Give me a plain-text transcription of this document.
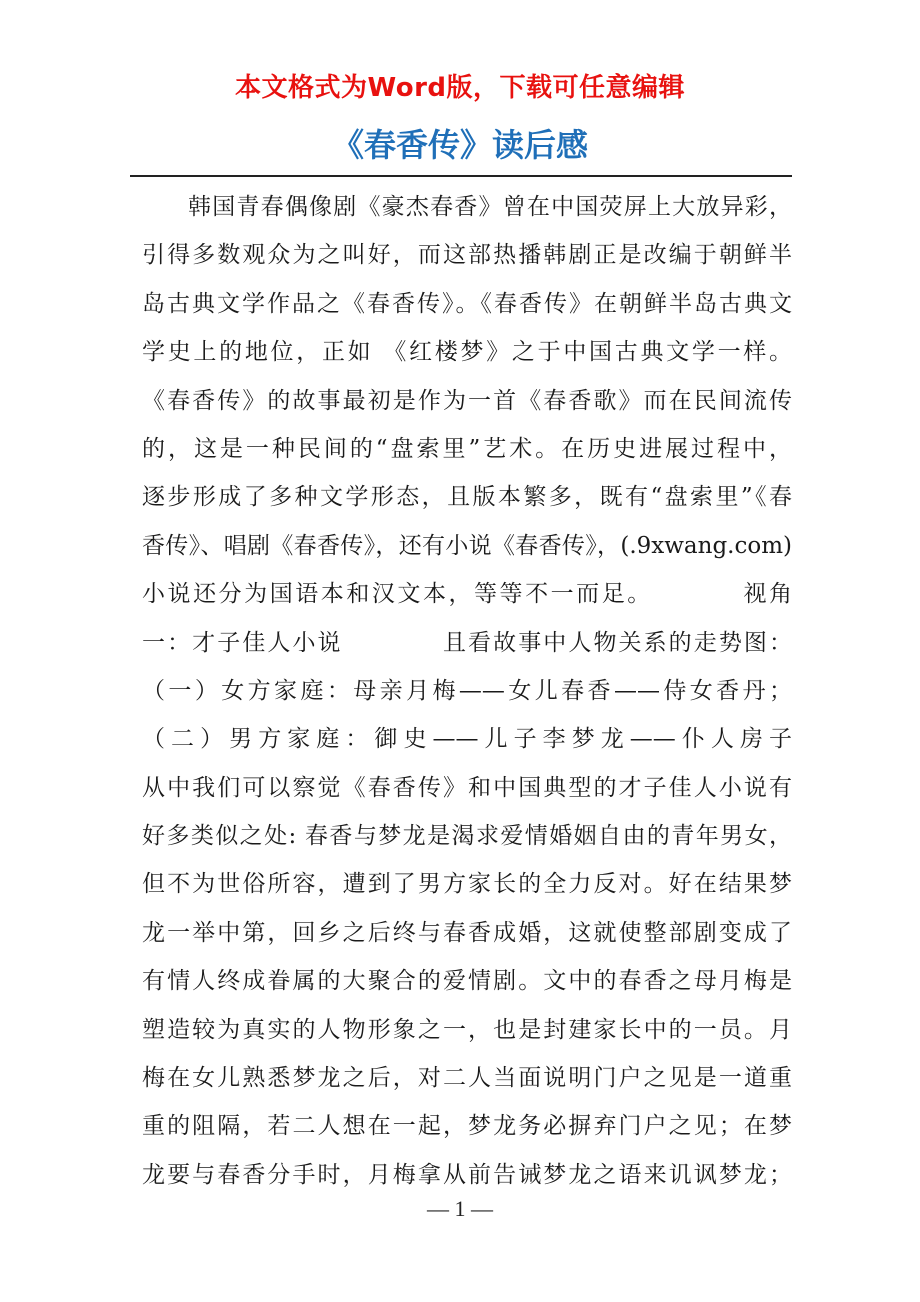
本文格式为Word版，下载可任意编辑
《春香传》读后感
韩国青春偶像剧《豪杰春香》曾在中国荧屏上大放异彩，
引得多数观众为之叫好，而这部热播韩剧正是改编于朝鲜半
岛古典文学作品之《春香传》。《春香传》在朝鲜半岛古典文
学史上的地位，正如 《红楼梦》之于中国古典文学一样。
《春香传》的故事最初是作为一首《春香歌》而在民间流传
的，这是一种民间的“盘索里”艺术。在历史进展过程中，
逐步形成了多种文学形态，且版本繁多，既有“盘索里”《春
香传》、唱剧《春香传》，还有小说《春香传》，(.9xwang.com)
小说还分为国语本和汉文本，等等不一而足。　　　　视角
一：才子佳人小说　　　　且看故事中人物关系的走势图：
（一）女方家庭：母亲月梅——女儿春香——侍女香丹；
（二）男方家庭：御史——儿子李梦龙——仆人房子
从中我们可以察觉《春香传》和中国典型的才子佳人小说有
好多类似之处: 春香与梦龙是渴求爱情婚姻自由的青年男女，
但不为世俗所容，遭到了男方家长的全力反对。好在结果梦
龙一举中第，回乡之后终与春香成婚，这就使整部剧变成了
有情人终成眷属的大聚合的爱情剧。文中的春香之母月梅是
塑造较为真实的人物形象之一，也是封建家长中的一员。月
梅在女儿熟悉梦龙之后，对二人当面说明门户之见是一道重
重的阻隔，若二人想在一起，梦龙务必摒弃门户之见；在梦
龙要与春香分手时，月梅拿从前告诫梦龙之语来讥讽梦龙；
— 1 —
